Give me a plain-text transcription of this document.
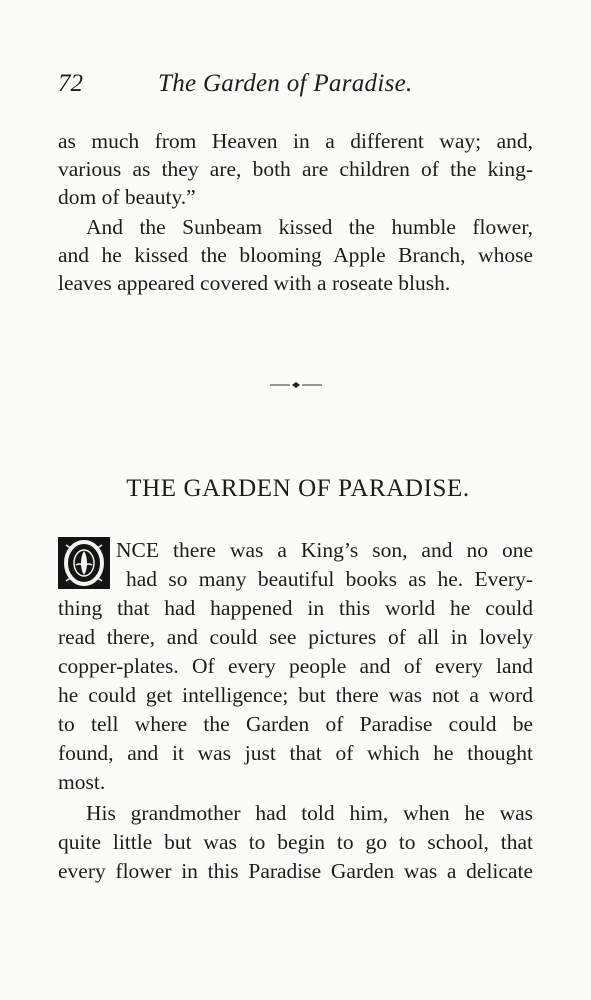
72	The Garden of Paradise.
as much from Heaven in a different way; and,
various as they are, both are children of the king-
dom of beauty.”
And the Sunbeam kissed the humble flower,
and he kissed the blooming Apple Branch, whose
leaves appeared covered with a roseate blush.
THE GARDEN OF PARADISE.
NCE there was a King’s son, and no one
had so many beautiful books as he. Every-
thing that had happened in this world he could
read there, and could see pictures of all in lovely
copper-plates. Of every people and of every land
he could get intelligence; but there was not a word
to tell where the Garden of Paradise could be
found, and it was just that of which he thought
most.
His grandmother had told him, when he was
quite little but was to begin to go to school, that
every flower in this Paradise Garden was a delicate
